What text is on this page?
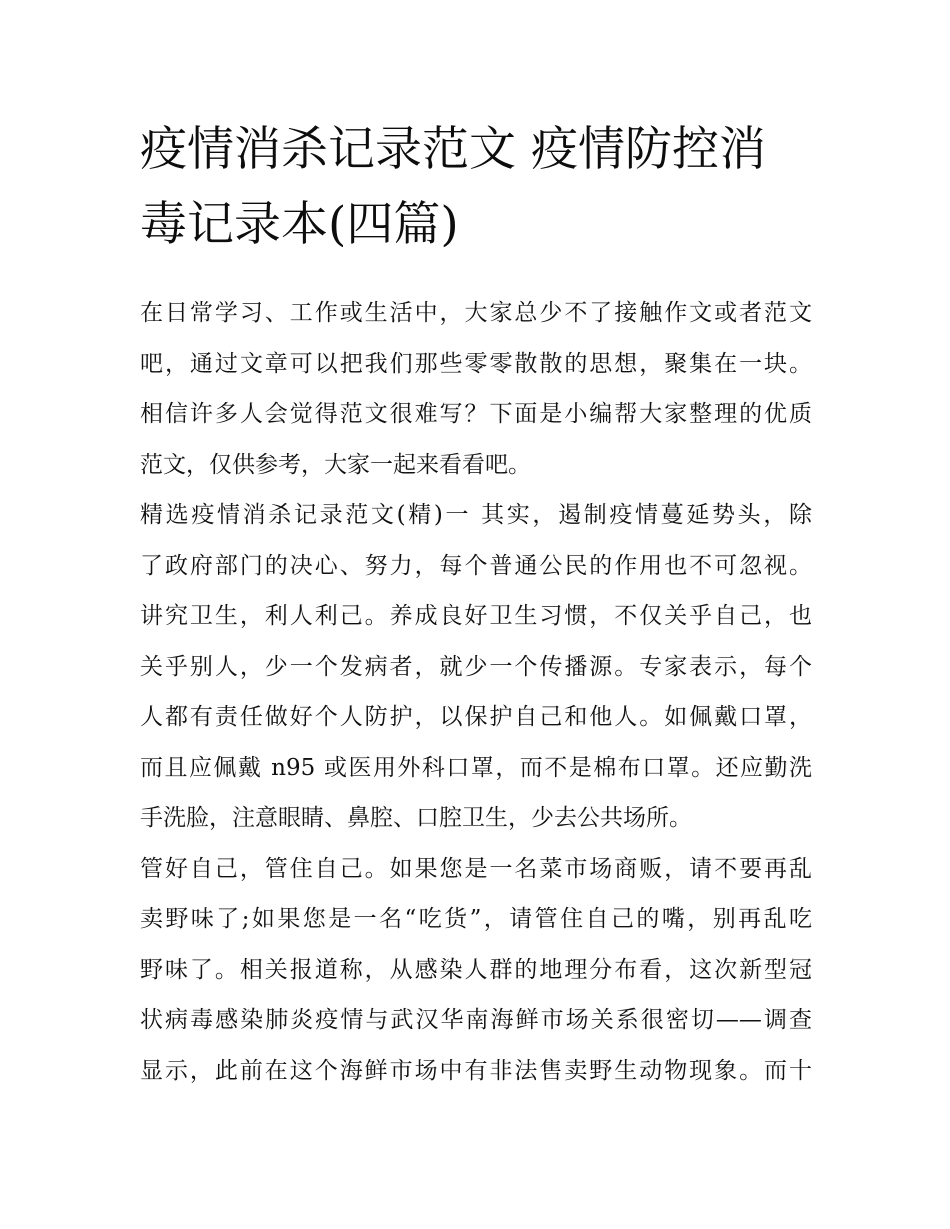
疫情消杀记录范文 疫情防控消
毒记录本(四篇)
在日常学习、工作或生活中，大家总少不了接触作文或者范文
吧，通过文章可以把我们那些零零散散的思想，聚集在一块。
相信许多人会觉得范文很难写？下面是小编帮大家整理的优质
范文，仅供参考，大家一起来看看吧。
精选疫情消杀记录范文(精)一 其实，遏制疫情蔓延势头，除
了政府部门的决心、努力，每个普通公民的作用也不可忽视。
讲究卫生，利人利己。养成良好卫生习惯，不仅关乎自己，也
关乎别人，少一个发病者，就少一个传播源。专家表示，每个
人都有责任做好个人防护，以保护自己和他人。如佩戴口罩，
而且应佩戴 n95 或医用外科口罩，而不是棉布口罩。还应勤洗
手洗脸，注意眼睛、鼻腔、口腔卫生，少去公共场所。
管好自己，管住自己。如果您是一名菜市场商贩，请不要再乱
卖野味了;如果您是一名“吃货”，请管住自己的嘴，别再乱吃
野味了。相关报道称，从感染人群的地理分布看，这次新型冠
状病毒感染肺炎疫情与武汉华南海鲜市场关系很密切——调查
显示，此前在这个海鲜市场中有非法售卖野生动物现象。而十
